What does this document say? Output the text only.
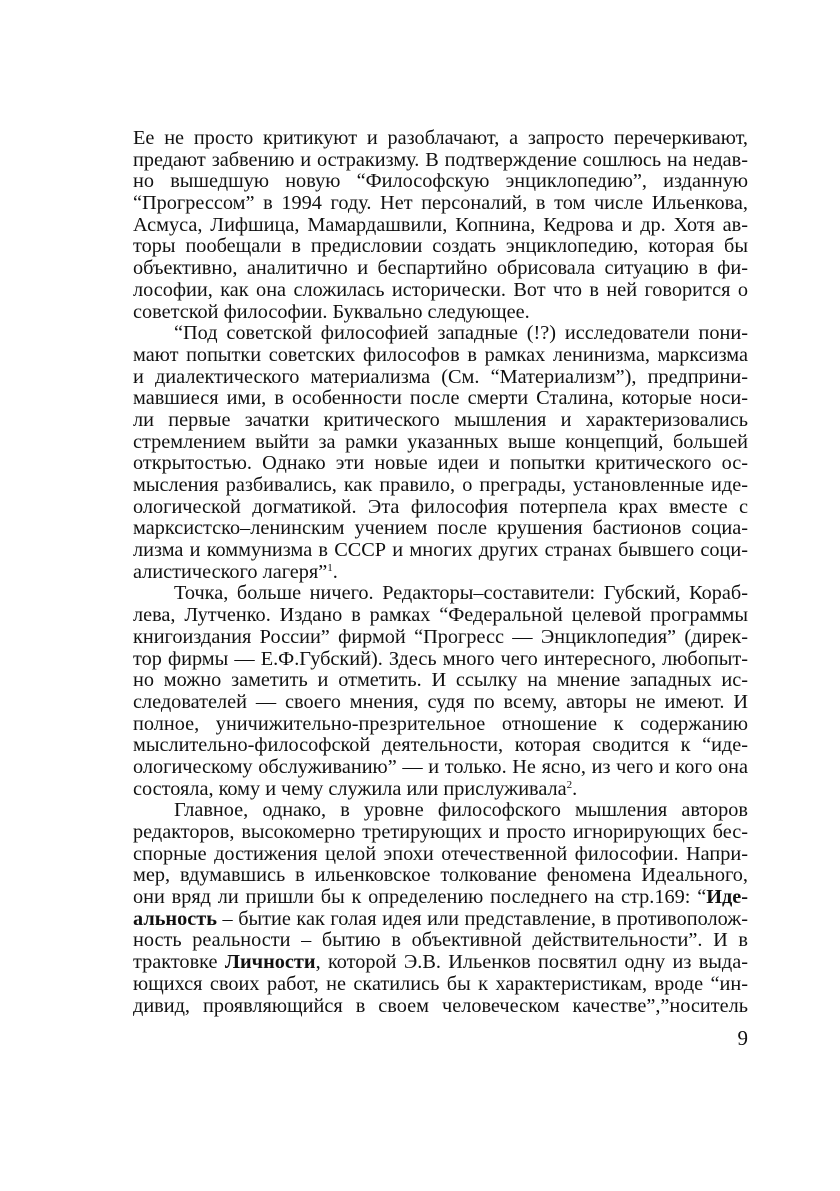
Ее не просто критикуют и разоблачают, а запросто перечеркивают,
предают забвению и остракизму. В подтверждение сошлюсь на недав-
но вышедшую новую “Философскую энциклопедию”, изданную
“Прогрессом” в 1994 году. Нет персоналий, в том числе Ильенкова,
Асмуса, Лифшица, Мамардашвили, Копнина, Кедрова и др. Хотя ав-
торы пообещали в предисловии создать энциклопедию, которая бы
объективно, аналитично и беспартийно обрисовала ситуацию в фи-
лософии, как она сложилась исторически. Вот что в ней говорится о
советской философии. Буквально следующее.
“Под советской философией западные (!?) исследователи пони-
мают попытки советских философов в рамках ленинизма, марксизма
и диалектического материализма (См. “Материализм”), предприни-
мавшиеся ими, в особенности после смерти Сталина, которые носи-
ли первые зачатки критического мышления и характеризовались
стремлением выйти за рамки указанных выше концепций, большей
открытостью. Однако эти новые идеи и попытки критического ос-
мысления разбивались, как правило, о преграды, установленные иде-
ологической догматикой. Эта философия потерпела крах вместе с
марксистско–ленинским учением после крушения бастионов социа-
лизма и коммунизма в СССР и многих других странах бывшего соци-
алистического лагеря”$^1$.
Точка, больше ничего. Редакторы–составители: Губский, Кораб-
лева, Лутченко. Издано в рамках “Федеральной целевой программы
книгоиздания России” фирмой “Прогресс — Энциклопедия” (дирек-
тор фирмы — Е.Ф.Губский). Здесь много чего интересного, любопыт-
но можно заметить и отметить. И ссылку на мнение западных ис-
следователей — своего мнения, судя по всему, авторы не имеют. И
полное, уничижительно-презрительное отношение к содержанию
мыслительно-философской деятельности, которая сводится к “иде-
ологическому обслуживанию” — и только. Не ясно, из чего и кого она
состояла, кому и чему служила или прислуживала$^2$.
Главное, однако, в уровне философского мышления авторов
редакторов, высокомерно третирующих и просто игнорирующих бес-
спорные достижения целой эпохи отечественной философии. Напри-
мер, вдумавшись в ильенковское толкование феномена Идеального,
они вряд ли пришли бы к определению последнего на стр.169: “Иде-
альность – бытие как голая идея или представление, в противополож-
ность реальности – бытию в объективной действительности”. И в
трактовке Личности, которой Э.В. Ильенков посвятил одну из выда-
ющихся своих работ, не скатились бы к характеристикам, вроде “ин-
дивид, проявляющийся в своем человеческом качестве”,”носитель
9
